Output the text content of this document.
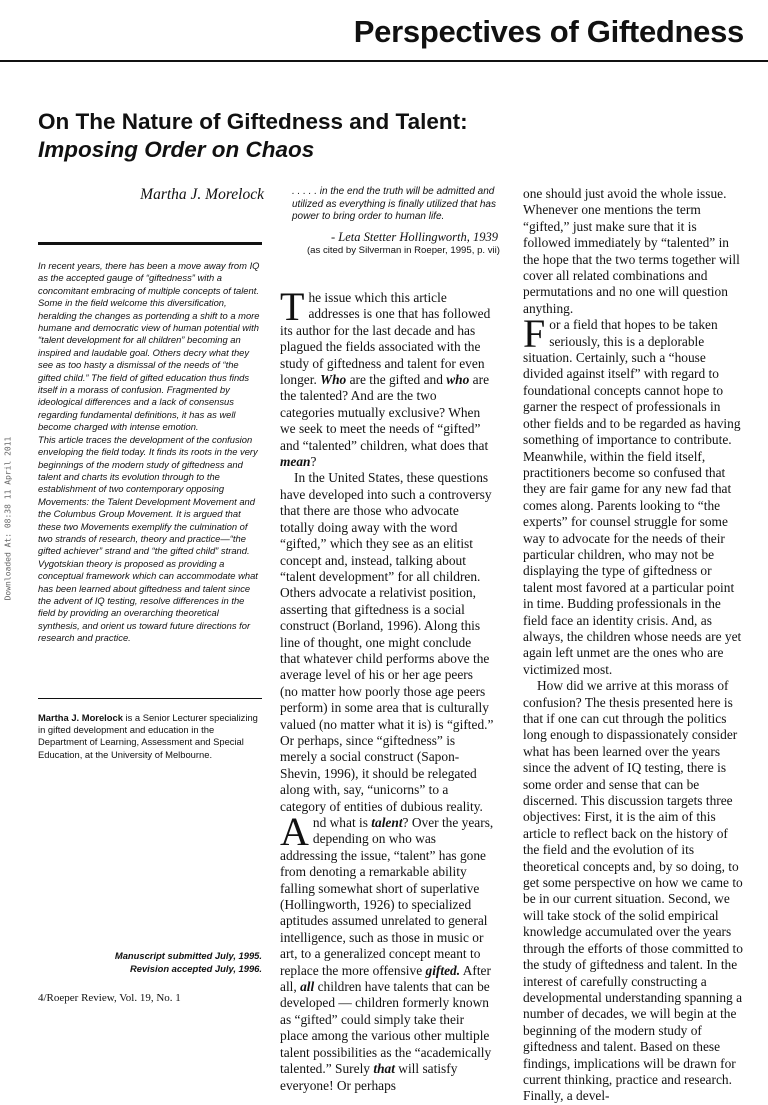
Perspectives of Giftedness
On The Nature of Giftedness and Talent:
Imposing Order on Chaos
Downloaded At: 08:38 11 April 2011
Martha J. Morelock

In recent years, there has been a move away from IQ as the accepted gauge of “giftedness” with a concomitant embracing of multiple concepts of talent. Some in the field welcome this diversification, heralding the changes as portending a shift to a more humane and democratic view of human potential with “talent development for all children” becoming an inspired and laudable goal. Others decry what they see as too hasty a dismissal of the needs of “the gifted child.” The field of gifted education thus finds itself in a morass of confusion. Fragmented by ideological differences and a lack of consensus regarding fundamental definitions, it has as well become charged with intense emotion.

This article traces the development of the confusion enveloping the field today. It finds its roots in the very beginnings of the modern study of giftedness and talent and charts its evolution through to the establishment of two contemporary opposing Movements: the Talent Development Movement and the Columbus Group Movement. It is argued that these two Movements exemplify the culmination of two strands of research, theory and practice—“the gifted achiever” strand and “the gifted child” strand. Vygotskian theory is proposed as providing a conceptual framework which can accommodate what has been learned about giftedness and talent since the advent of IQ testing, resolve differences in the field by providing an overarching theoretical synthesis, and orient us toward future directions for research and practice.

Martha J. Morelock is a Senior Lecturer specializing in gifted development and education in the Department of Learning, Assessment and Special Education, at the University of Melbourne.

Manuscript submitted July, 1995.
Revision accepted July, 1996.
4/Roeper Review, Vol. 19, No. 1

. . . . . in the end the truth will be admitted and utilized as everything is finally utilized that has power to bring order to human life.

- Leta Stetter Hollingworth, 1939

(as cited by Silverman in Roeper, 1995, p. vii)

The issue which this article addresses is one that has followed its author for the last decade and has plagued the fields associated with the study of giftedness and talent for even longer. Who are the gifted and who are the talented? And are the two categories mutually exclusive? When we seek to meet the needs of “gifted” and “talented” children, what does that mean?

In the United States, these questions have developed into such a controversy that there are those who advocate totally doing away with the word “gifted,” which they see as an elitist concept and, instead, talking about “talent development” for all children. Others advocate a relativist position, asserting that giftedness is a social construct (Borland, 1996). Along this line of thought, one might conclude that whatever child performs above the average level of his or her age peers (no matter how poorly those age peers perform) in some area that is culturally valued (no matter what it is) is “gifted.” Or perhaps, since “giftedness” is merely a social construct (Sapon-Shevin, 1996), it should be relegated along with, say, “unicorns” to a category of entities of dubious reality.

And what is talent? Over the years, depending on who was addressing the issue, “talent” has gone from denoting a remarkable ability falling somewhat short of superlative (Hollingworth, 1926) to specialized aptitudes assumed unrelated to general intelligence, such as those in music or art, to a generalized concept meant to replace the more offensive gifted. After all, all children have talents that can be developed — children formerly known as “gifted” could simply take their place among the various other multiple talent possibilities as the “academically talented.” Surely that will satisfy everyone! Or perhaps

one should just avoid the whole issue. Whenever one mentions the term “gifted,” just make sure that it is followed immediately by “talented” in the hope that the two terms together will cover all related combinations and permutations and no one will question anything.

For a field that hopes to be taken seriously, this is a deplorable situation. Certainly, such a “house divided against itself” with regard to foundational concepts cannot hope to garner the respect of professionals in other fields and to be regarded as having something of importance to contribute. Meanwhile, within the field itself, practitioners become so confused that they are fair game for any new fad that comes along. Parents looking to “the experts” for counsel struggle for some way to advocate for the needs of their particular children, who may not be displaying the type of giftedness or talent most favored at a particular point in time. Budding professionals in the field face an identity crisis. And, as always, the children whose needs are yet again left unmet are the ones who are victimized most.

How did we arrive at this morass of confusion? The thesis presented here is that if one can cut through the politics long enough to dispassionately consider what has been learned over the years since the advent of IQ testing, there is some order and sense that can be discerned. This discussion targets three objectives: First, it is the aim of this article to reflect back on the history of the field and the evolution of its theoretical concepts and, by so doing, to get some perspective on how we came to be in our current situation. Second, we will take stock of the solid empirical knowledge accumulated over the years through the efforts of those committed to the study of giftedness and talent. In the interest of carefully constructing a developmental understanding spanning a number of decades, we will begin at the beginning of the modern study of giftedness and talent. Based on these findings, implications will be drawn for current thinking, practice and research. Finally, a devel-
